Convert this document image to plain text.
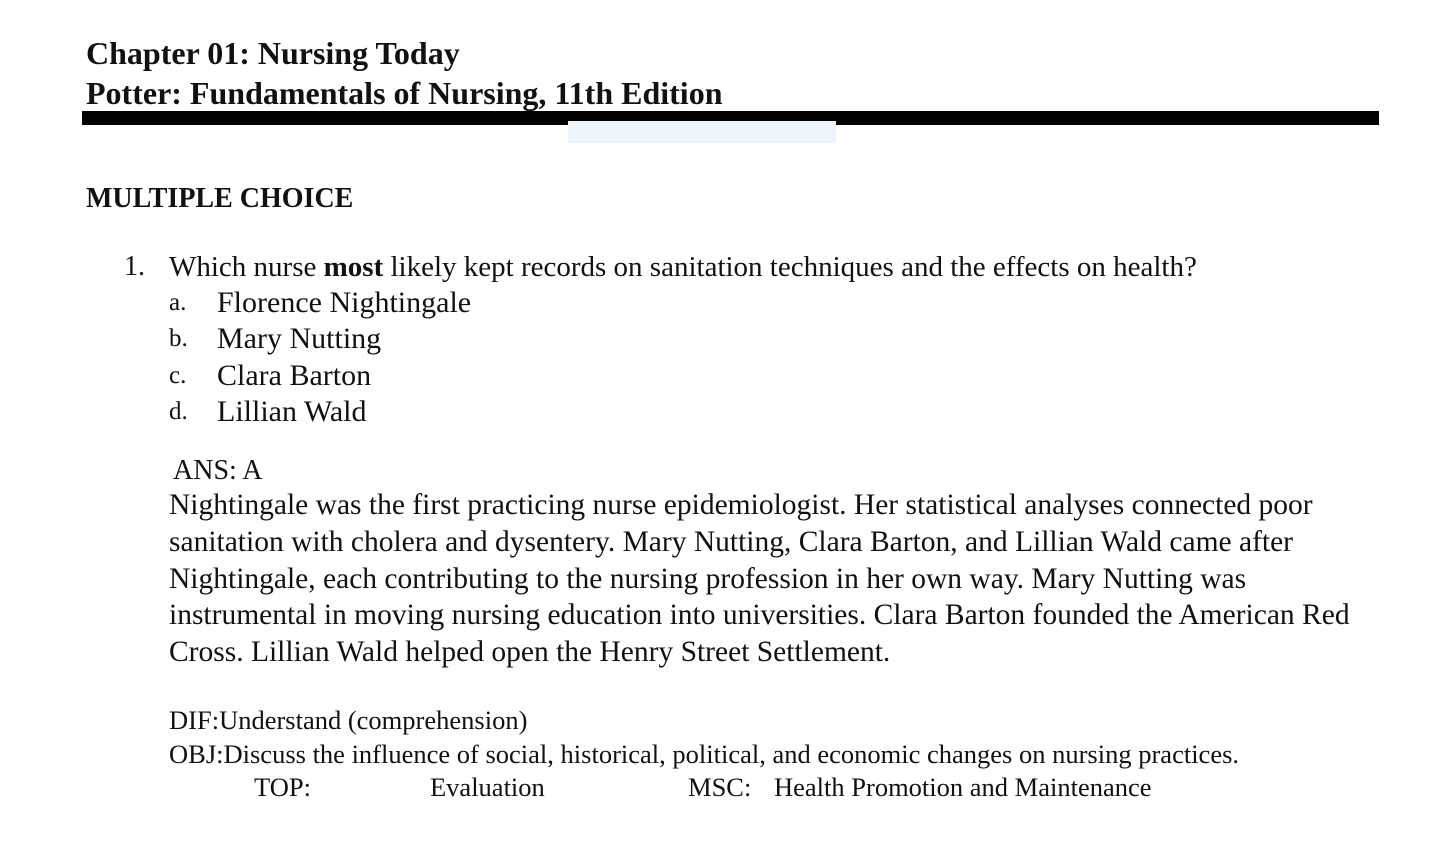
Chapter 01: Nursing Today
Potter: Fundamentals of Nursing, 11th Edition
MULTIPLE CHOICE
1. Which nurse most likely kept records on sanitation techniques and the effects on health?
a. Florence Nightingale
b. Mary Nutting
c. Clara Barton
d. Lillian Wald
ANS: A
Nightingale was the first practicing nurse epidemiologist. Her statistical analyses connected poor sanitation with cholera and dysentery. Mary Nutting, Clara Barton, and Lillian Wald came after Nightingale, each contributing to the nursing profession in her own way. Mary Nutting was instrumental in moving nursing education into universities. Clara Barton founded the American Red Cross. Lillian Wald helped open the Henry Street Settlement.
DIF:Understand (comprehension)
OBJ:Discuss the influence of social, historical, political, and economic changes on nursing practices.
TOP:	Evaluation	MSC: Health Promotion and Maintenance
